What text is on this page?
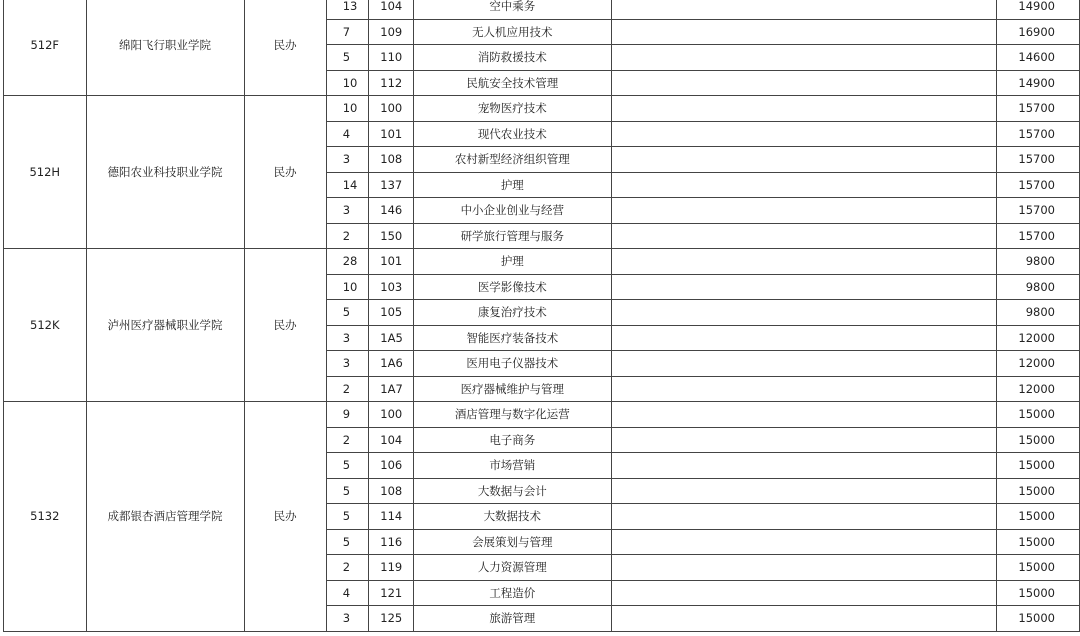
512F	绵阳飞行职业学院	民办	13	104	空中乘务		14900
			7	109	无人机应用技术		16900
			5	110	消防救援技术		14600
			10	112	民航安全技术管理		14900
512H	德阳农业科技职业学院	民办	10	100	宠物医疗技术		15700
			4	101	现代农业技术		15700
			3	108	农村新型经济组织管理		15700
			14	137	护理		15700
			3	146	中小企业创业与经营		15700
			2	150	研学旅行管理与服务		15700
512K	泸州医疗器械职业学院	民办	28	101	护理		9800
			10	103	医学影像技术		9800
			5	105	康复治疗技术		9800
			3	1A5	智能医疗装备技术		12000
			3	1A6	医用电子仪器技术		12000
			2	1A7	医疗器械维护与管理		12000
5132	成都银杏酒店管理学院	民办	9	100	酒店管理与数字化运营		15000
			2	104	电子商务		15000
			5	106	市场营销		15000
			5	108	大数据与会计		15000
			5	114	大数据技术		15000
			5	116	会展策划与管理		15000
			2	119	人力资源管理		15000
			4	121	工程造价		15000
			3	125	旅游管理		15000
